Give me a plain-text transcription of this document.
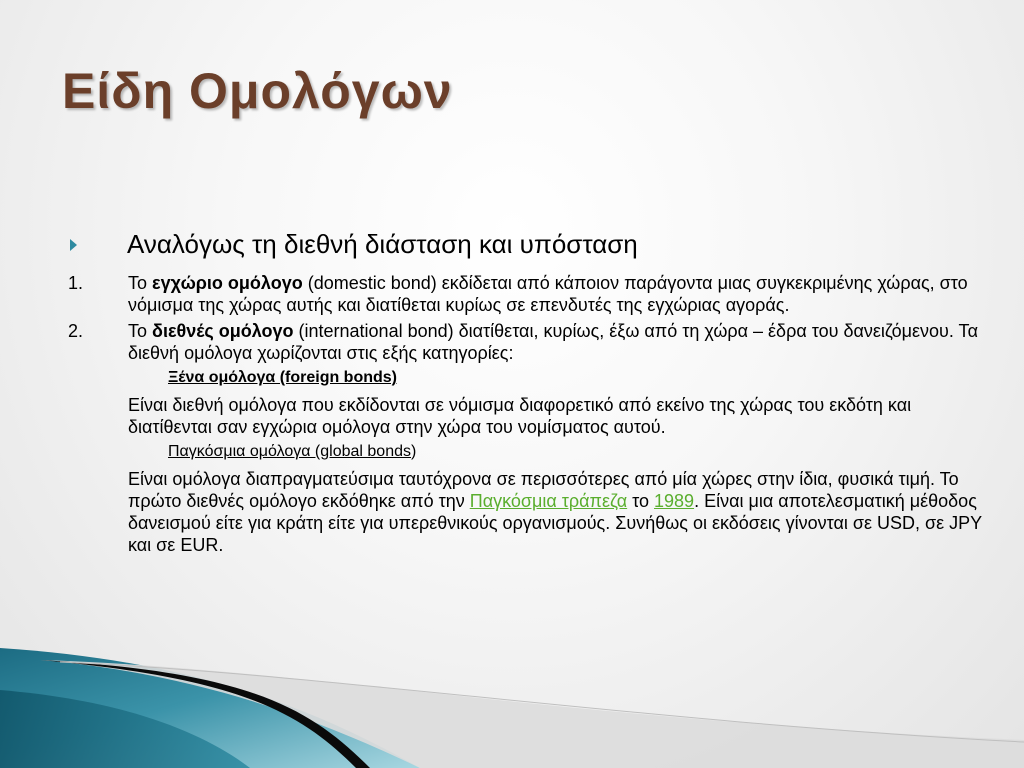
Είδη Ομολόγων
Αναλόγως τη διεθνή διάσταση και υπόσταση
1.	Το εγχώριο ομόλογο (domestic bond) εκδίδεται από κάποιον παράγοντα μιας συγκεκριμένης χώρας, στο νόμισμα της χώρας αυτής και διατίθεται κυρίως σε επενδυτές της εγχώριας αγοράς.
2.	Το διεθνές ομόλογο (international bond) διατίθεται, κυρίως, έξω από τη χώρα – έδρα του δανειζόμενου. Τα διεθνή ομόλογα χωρίζονται στις εξής κατηγορίες:
Ξένα ομόλογα (foreign bonds)
Είναι διεθνή ομόλογα που εκδίδονται σε νόμισμα διαφορετικό από εκείνο της χώρας του εκδότη και διατίθενται σαν εγχώρια ομόλογα στην χώρα του νομίσματος αυτού.
Παγκόσμια ομόλογα (global bonds)
Είναι ομόλογα διαπραγματεύσιμα ταυτόχρονα σε περισσότερες από μία χώρες στην ίδια, φυσικά τιμή. Το πρώτο διεθνές ομόλογο εκδόθηκε από την Παγκόσμια τράπεζα το 1989. Είναι μια αποτελεσματική μέθοδος δανεισμού είτε για κράτη είτε για υπερεθνικούς οργανισμούς. Συνήθως οι εκδόσεις γίνονται σε USD, σε JPY και σε EUR.
